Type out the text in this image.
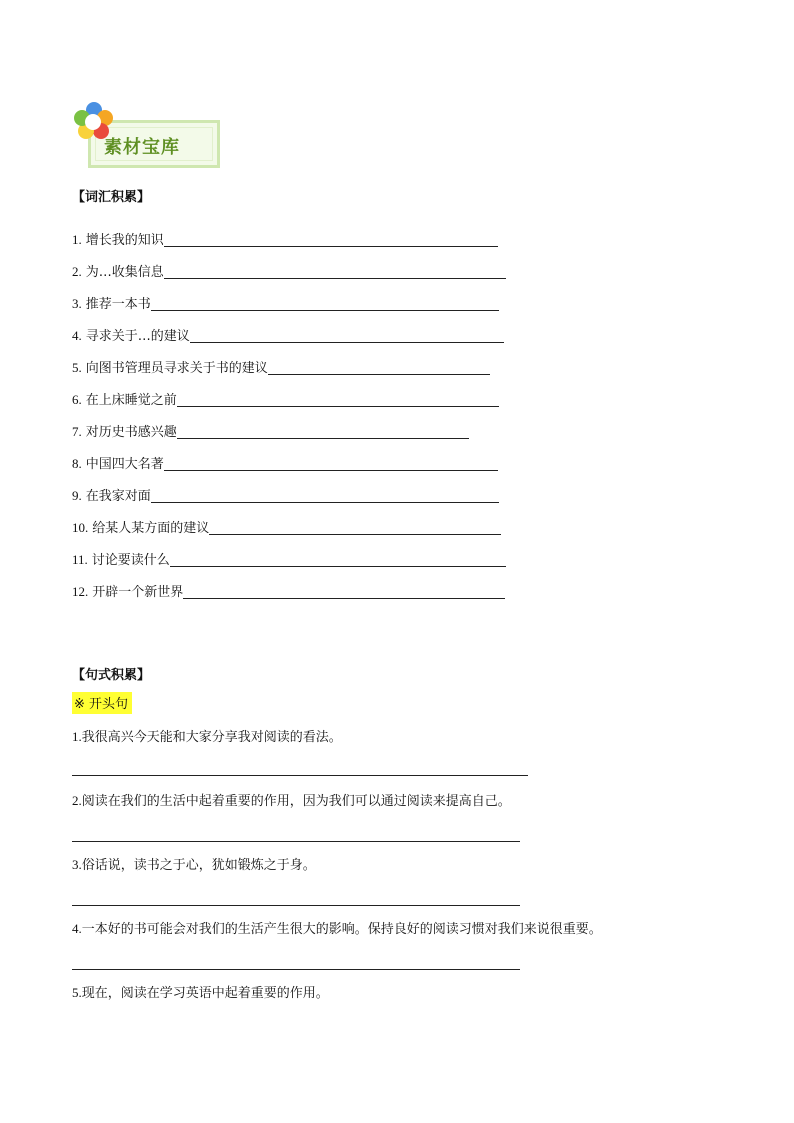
素材宝库
【词汇积累】
1. 增长我的知识
2. 为…收集信息
3. 推荐一本书
4. 寻求关于…的建议
5. 向图书管理员寻求关于书的建议
6. 在上床睡觉之前
7. 对历史书感兴趣
8. 中国四大名著
9. 在我家对面
10. 给某人某方面的建议
11. 讨论要读什么
12. 开辟一个新世界
【句式积累】
※ 开头句
1.我很高兴今天能和大家分享我对阅读的看法。
2.阅读在我们的生活中起着重要的作用，因为我们可以通过阅读来提高自己。
3.俗话说，读书之于心，犹如锻炼之于身。
4.一本好的书可能会对我们的生活产生很大的影响。保持良好的阅读习惯对我们来说很重要。
5.现在，阅读在学习英语中起着重要的作用。
